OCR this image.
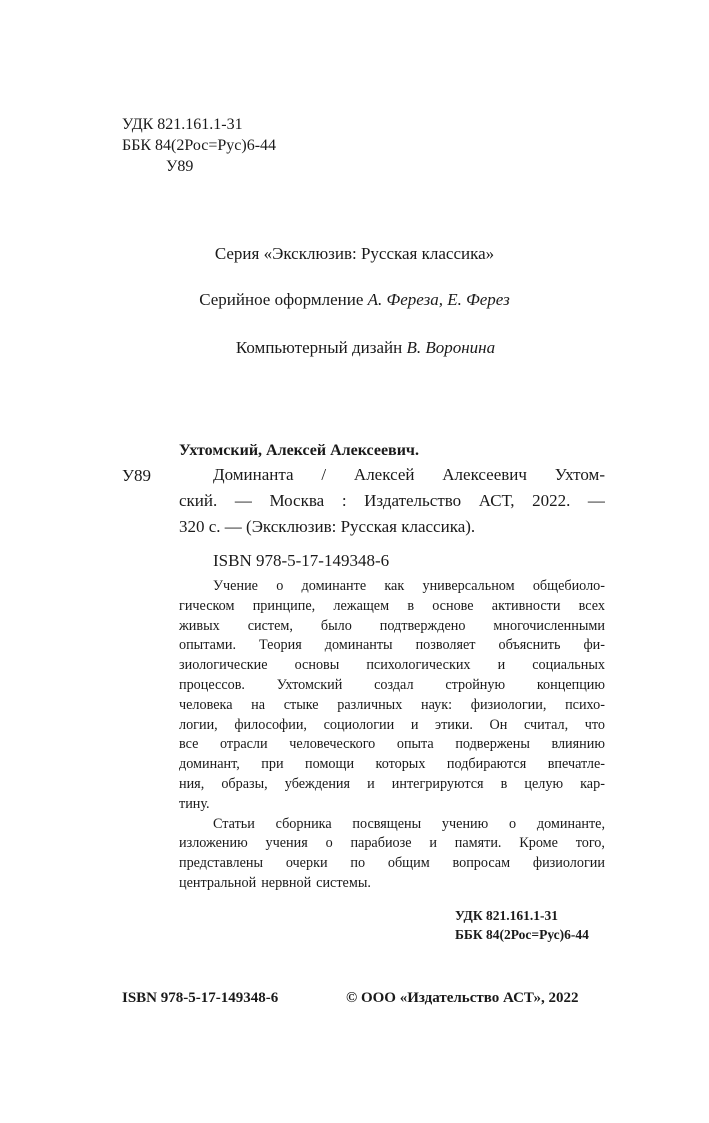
УДК 821.161.1-31
ББК 84(2Рос=Рус)6-44
У89
Серия «Эксклюзив: Русская классика»
Серийное оформление А. Фереза, Е. Ферез
Компьютерный дизайн В. Воронина
Ухтомский, Алексей Алексеевич.
У89	Доминанта / Алексей Алексеевич Ухтом-
ский. — Москва : Издательство АСТ, 2022. —
320 с. — (Эксклюзив: Русская классика).
ISBN 978-5-17-149348-6
Учение о доминанте как универсальном общебиоло-
гическом принципе, лежащем в основе активности всех
живых систем, было подтверждено многочисленными
опытами. Теория доминанты позволяет объяснить фи-
зиологические основы психологических и социальных
процессов. Ухтомский создал стройную концепцию
человека на стыке различных наук: физиологии, психо-
логии, философии, социологии и этики. Он считал, что
все отрасли человеческого опыта подвержены влиянию
доминант, при помощи которых подбираются впечатле-
ния, образы, убеждения и интегрируются в целую кар-
тину.
Статьи сборника посвящены учению о доминанте,
изложению учения о парабиозе и памяти. Кроме того,
представлены очерки по общим вопросам физиологии
центральной нервной системы.
УДК 821.161.1-31
ББК 84(2Рос=Рус)6-44
ISBN 978-5-17-149348-6	© ООО «Издательство АСТ», 2022
